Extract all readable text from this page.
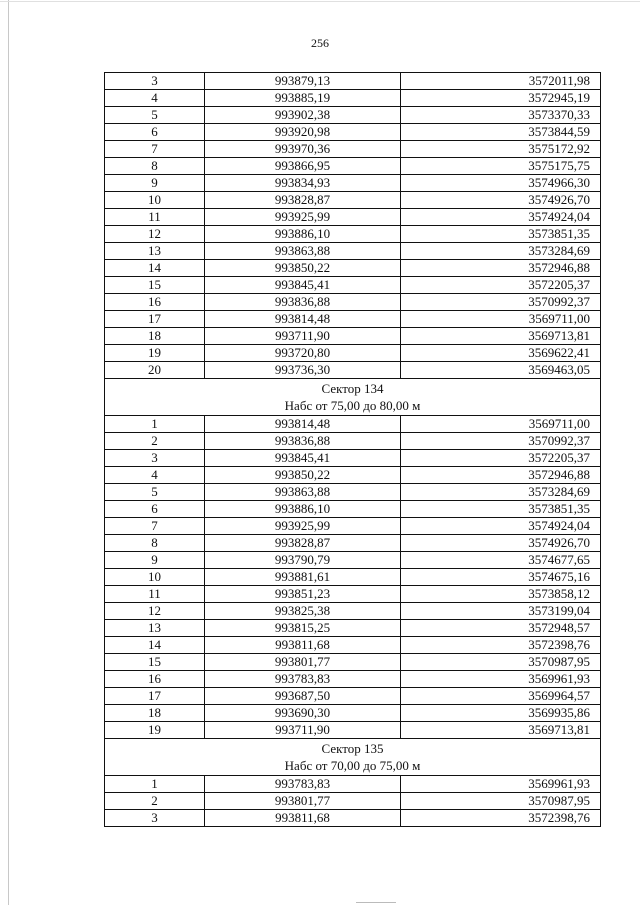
256
3	993879,13	3572011,98
4	993885,19	3572945,19
5	993902,38	3573370,33
6	993920,98	3573844,59
7	993970,36	3575172,92
8	993866,95	3575175,75
9	993834,93	3574966,30
10	993828,87	3574926,70
11	993925,99	3574924,04
12	993886,10	3573851,35
13	993863,88	3573284,69
14	993850,22	3572946,88
15	993845,41	3572205,37
16	993836,88	3570992,37
17	993814,48	3569711,00
18	993711,90	3569713,81
19	993720,80	3569622,41
20	993736,30	3569463,05

Сектор 134
Набс от 75,00 до 80,00 м		

1	993814,48	3569711,00
2	993836,88	3570992,37
3	993845,41	3572205,37
4	993850,22	3572946,88
5	993863,88	3573284,69
6	993886,10	3573851,35
7	993925,99	3574924,04
8	993828,87	3574926,70
9	993790,79	3574677,65
10	993881,61	3574675,16
11	993851,23	3573858,12
12	993825,38	3573199,04
13	993815,25	3572948,57
14	993811,68	3572398,76
15	993801,77	3570987,95
16	993783,83	3569961,93
17	993687,50	3569964,57
18	993690,30	3569935,86
19	993711,90	3569713,81

Сектор 135
Набс от 70,00 до 75,00 м		

1	993783,83	3569961,93
2	993801,77	3570987,95
3	993811,68	3572398,76
